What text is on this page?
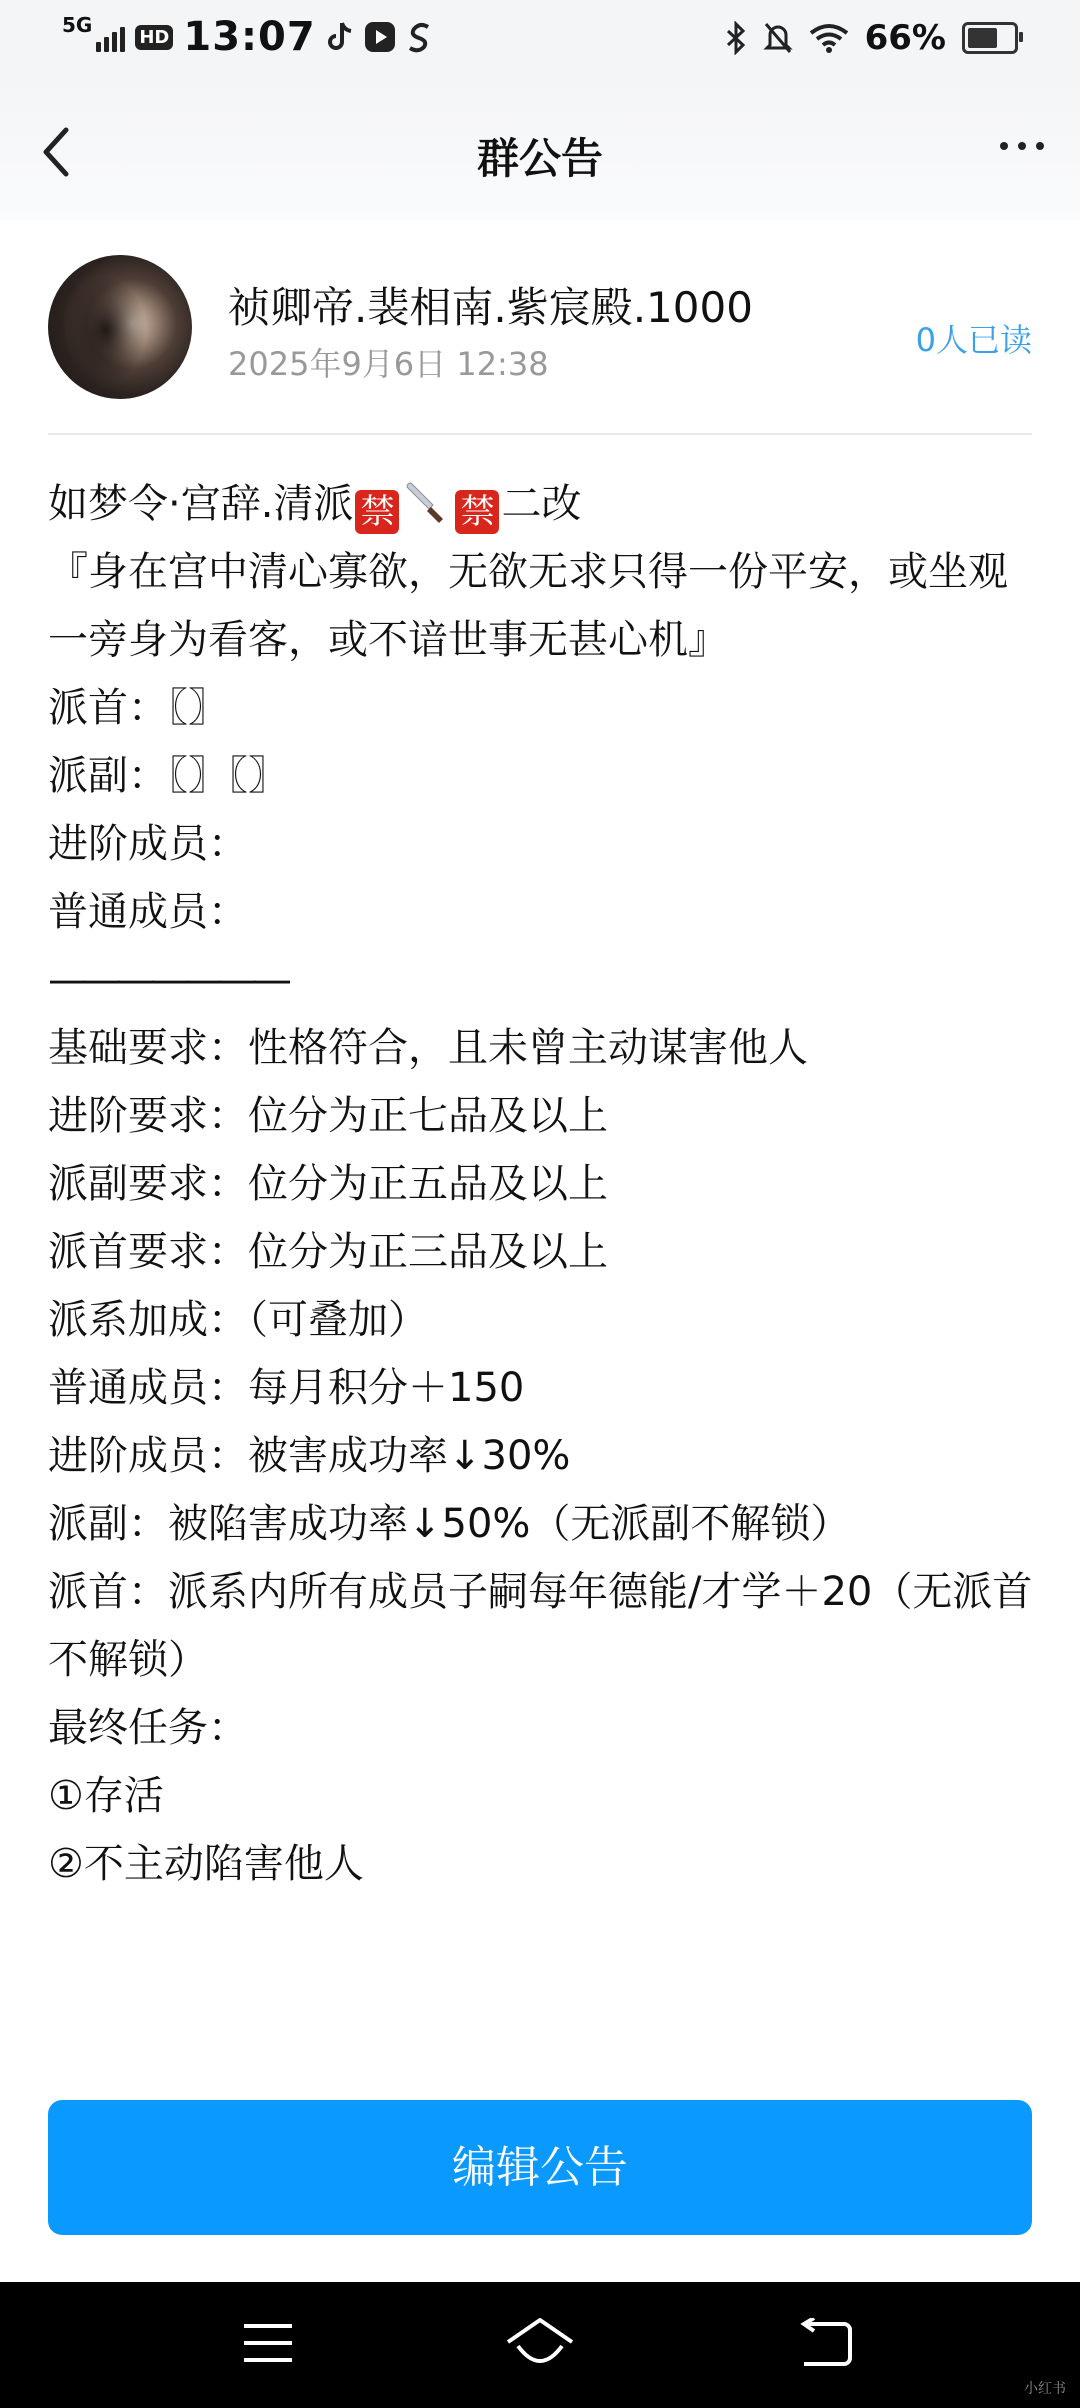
5G	HD 13:07	66%
群公告
祯卿帝.裴相南.紫宸殿.1000
2025年9月6日 12:38
0人已读
如梦令·宫辞.清派 禁 禁 二改
『身在宫中清心寡欲，无欲无求只得一份平安，或坐观一旁身为看客，或不谙世事无甚心机』
派首：〖〗
派副：〖〗〖〗
进阶成员：
普通成员：
———————
基础要求：性格符合，且未曾主动谋害他人
进阶要求：位分为正七品及以上
派副要求：位分为正五品及以上
派首要求：位分为正三品及以上
派系加成：（可叠加）
普通成员：每月积分＋150
进阶成员：被害成功率↓30%
派副：被陷害成功率↓50%（无派副不解锁）
派首：派系内所有成员子嗣每年德能/才学＋20（无派首不解锁）
最终任务：
①存活
②不主动陷害他人
编辑公告
小红书
